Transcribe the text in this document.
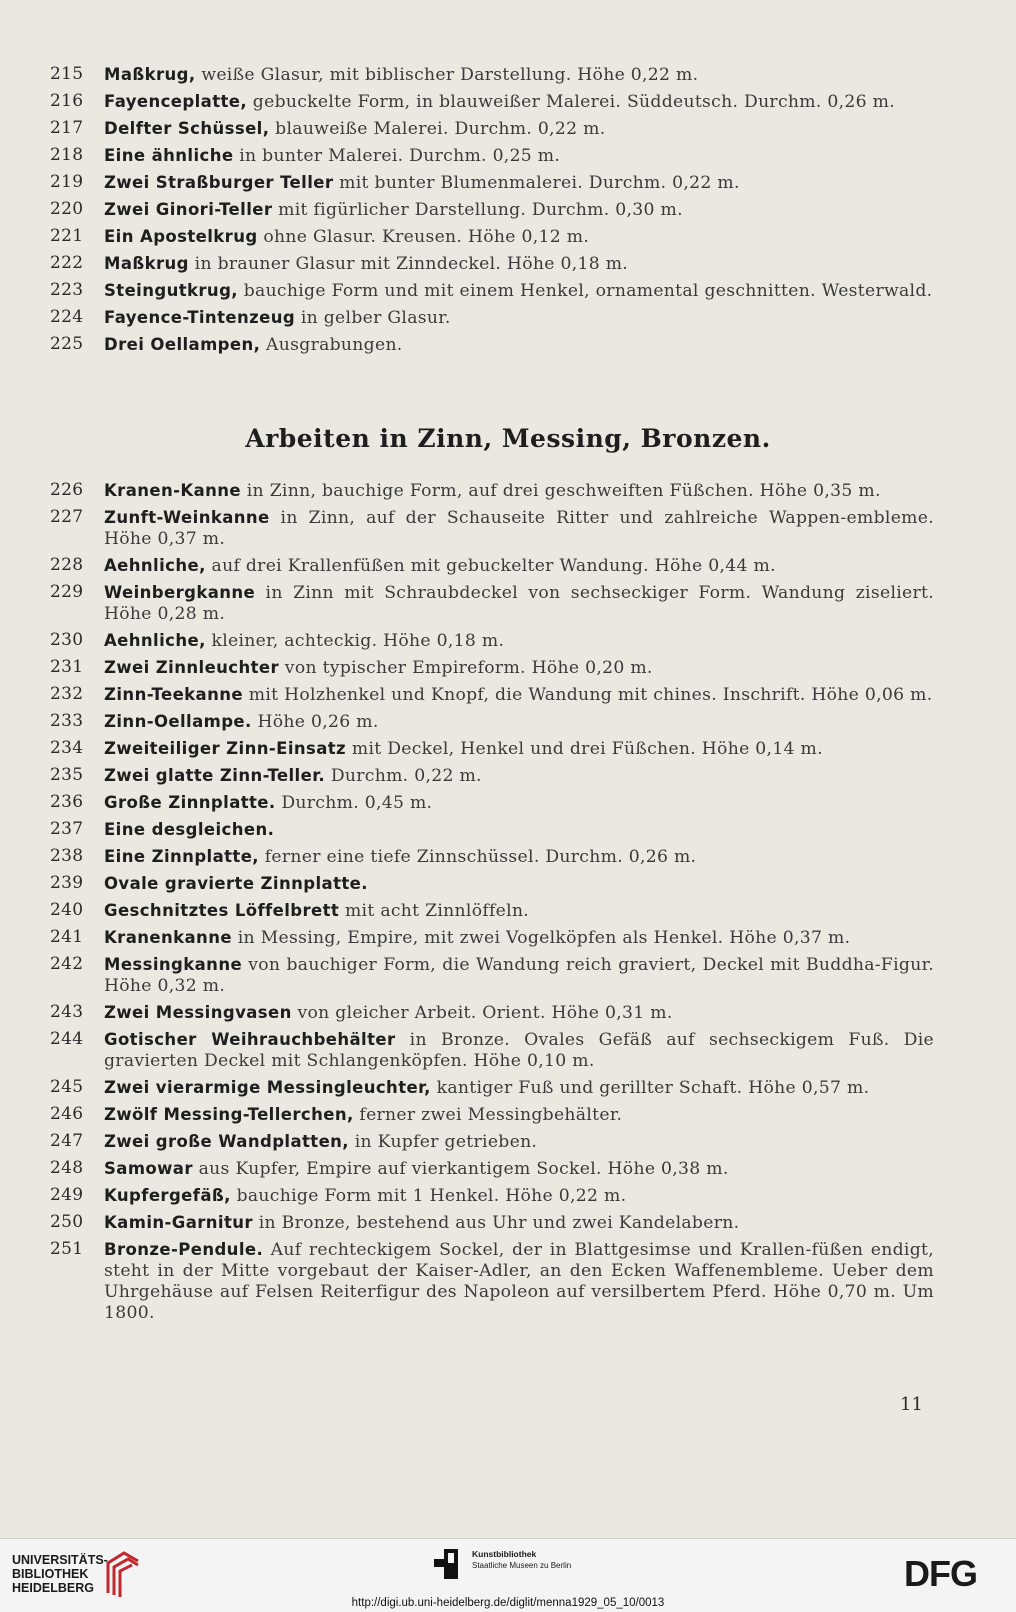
215	Maßkrug, weiße Glasur, mit biblischer Darstellung. Höhe 0,22 m.
216	Fayenceplatte, gebuckelte Form, in blauweißer Malerei. Süddeutsch. Durchm. 0,26 m.
217	Delfter Schüssel, blauweiße Malerei. Durchm. 0,22 m.
218	Eine ähnliche in bunter Malerei. Durchm. 0,25 m.
219	Zwei Straßburger Teller mit bunter Blumenmalerei. Durchm. 0,22 m.
220	Zwei Ginori-Teller mit figürlicher Darstellung. Durchm. 0,30 m.
221	Ein Apostelkrug ohne Glasur. Kreusen. Höhe 0,12 m.
222	Maßkrug in brauner Glasur mit Zinndeckel. Höhe 0,18 m.
223	Steingutkrug, bauchige Form und mit einem Henkel, ornamental geschnitten. Westerwald.
224	Fayence-Tintenzeug in gelber Glasur.
225	Drei Oellampen, Ausgrabungen.
Arbeiten in Zinn, Messing, Bronzen.
226	Kranen-Kanne in Zinn, bauchige Form, auf drei geschweiften Füßchen. Höhe 0,35 m.
227	Zunft-Weinkanne in Zinn, auf der Schauseite Ritter und zahlreiche Wappen-embleme. Höhe 0,37 m.
228	Aehnliche, auf drei Krallenfüßen mit gebuckelter Wandung. Höhe 0,44 m.
229	Weinbergkanne in Zinn mit Schraubdeckel von sechseckiger Form. Wandung ziseliert. Höhe 0,28 m.
230	Aehnliche, kleiner, achteckig. Höhe 0,18 m.
231	Zwei Zinnleuchter von typischer Empireform. Höhe 0,20 m.
232	Zinn-Teekanne mit Holzhenkel und Knopf, die Wandung mit chines. Inschrift. Höhe 0,06 m.
233	Zinn-Oellampe. Höhe 0,26 m.
234	Zweiteiliger Zinn-Einsatz mit Deckel, Henkel und drei Füßchen. Höhe 0,14 m.
235	Zwei glatte Zinn-Teller. Durchm. 0,22 m.
236	Große Zinnplatte. Durchm. 0,45 m.
237	Eine desgleichen.
238	Eine Zinnplatte, ferner eine tiefe Zinnschüssel. Durchm. 0,26 m.
239	Ovale gravierte Zinnplatte.
240	Geschnitztes Löffelbrett mit acht Zinnlöffeln.
241	Kranenkanne in Messing, Empire, mit zwei Vogelköpfen als Henkel. Höhe 0,37 m.
242	Messingkanne von bauchiger Form, die Wandung reich graviert, Deckel mit Buddha-Figur. Höhe 0,32 m.
243	Zwei Messingvasen von gleicher Arbeit. Orient. Höhe 0,31 m.
244	Gotischer Weihrauchbehälter in Bronze. Ovales Gefäß auf sechseckigem Fuß. Die gravierten Deckel mit Schlangenköpfen. Höhe 0,10 m.
245	Zwei vierarmige Messingleuchter, kantiger Fuß und gerillter Schaft. Höhe 0,57 m.
246	Zwölf Messing-Tellerchen, ferner zwei Messingbehälter.
247	Zwei große Wandplatten, in Kupfer getrieben.
248	Samowar aus Kupfer, Empire auf vierkantigem Sockel. Höhe 0,38 m.
249	Kupfergefäß, bauchige Form mit 1 Henkel. Höhe 0,22 m.
250	Kamin-Garnitur in Bronze, bestehend aus Uhr und zwei Kandelabern.
251	Bronze-Pendule. Auf rechteckigem Sockel, der in Blattgesimse und Krallen-füßen endigt, steht in der Mitte vorgebaut der Kaiser-Adler, an den Ecken Waffenembleme. Ueber dem Uhrgehäuse auf Felsen Reiterfigur des Napoleon auf versilbertem Pferd. Höhe 0,70 m. Um 1800.
11
UNIVERSITÄTS-
BIBLIOTHEK
HEIDELBERG
Kunstbibliothek
Staatliche Museen zu Berlin	DFG
http://digi.ub.uni-heidelberg.de/diglit/menna1929_05_10/0013
